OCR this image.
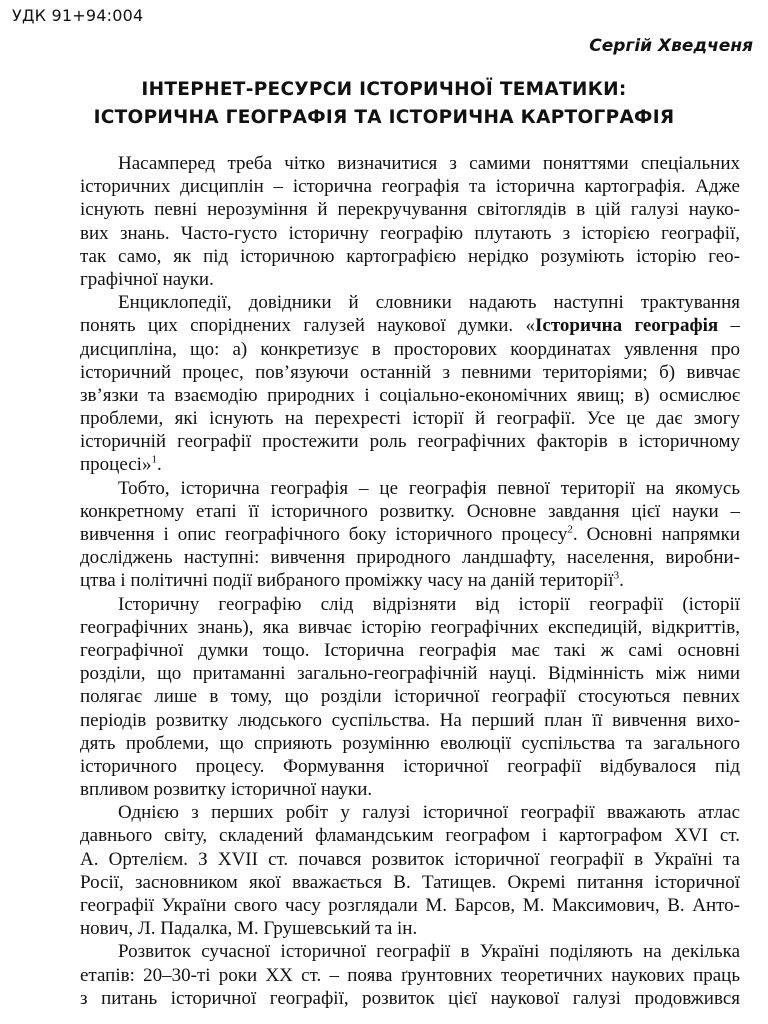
УДК 91+94:004
Сергій Хведченя
ІНТЕРНЕТ-РЕСУРСИ ІСТОРИЧНОЇ ТЕМАТИКИ:
ІСТОРИЧНА ГЕОГРАФІЯ ТА ІСТОРИЧНА КАРТОГРАФІЯ

Насамперед треба чітко визначитися з самими поняттями спеціальних
історичних дисциплін – історична географія та історична картографія. Адже
існують певні нерозуміння й перекручування світоглядів в цій галузі науко-
вих знань. Часто-густо історичну географію плутають з історією географії,
так само, як під історичною картографією нерідко розуміють історію гео-
графічної науки.

Енциклопедії, довідники й словники надають наступні трактування
понять цих споріднених галузей наукової думки. «Історична географія –
дисципліна, що: а) конкретизує в просторових координатах уявлення про
історичний процес, пов’язуючи останній з певними територіями; б) вивчає
зв’язки та взаємодію природних і соціально-економічних явищ; в) осмислює
проблеми, які існують на перехресті історії й географії. Усе це дає змогу
історичній географії простежити роль географічних факторів в історичному
процесі»$^1$.

Тобто, історична географія – це географія певної території на якомусь
конкретному етапі її історичного розвитку. Основне завдання цієї науки –
вивчення і опис географічного боку історичного процесу$^2$. Основні напрямки
досліджень наступні: вивчення природного ландшафту, населення, виробни-
цтва і політичні події вибраного проміжку часу на даній території$^3$.

Історичну географію слід відрізняти від історії географії (історії
географічних знань), яка вивчає історію географічних експедицій, відкриттів,
географічної думки тощо. Історична географія має такі ж самі основні
розділи, що притаманні загально-географічній науці. Відмінність між ними
полягає лише в тому, що розділи історичної географії стосуються певних
періодів розвитку людського суспільства. На перший план її вивчення вихо-
дять проблеми, що сприяють розумінню еволюції суспільства та загального
історичного процесу. Формування історичної географії відбувалося під
впливом розвитку історичної науки.

Однією з перших робіт у галузі історичної географії вважають атлас
давнього світу, складений фламандським географом і картографом XVI ст.
А. Ортелієм. З XVII ст. почався розвиток історичної географії в Україні та
Росії, засновником якої вважається В. Татищев. Окремі питання історичної
географії України свого часу розглядали М. Барсов, М. Максимович, В. Анто-
нович, Л. Падалка, М. Грушевський та ін.

Розвиток сучасної історичної географії в Україні поділяють на декілька
етапів: 20–30-ті роки ХХ ст. – поява ґрунтовних теоретичних наукових праць
з питань історичної географії, розвиток цієї наукової галузі продовжився
